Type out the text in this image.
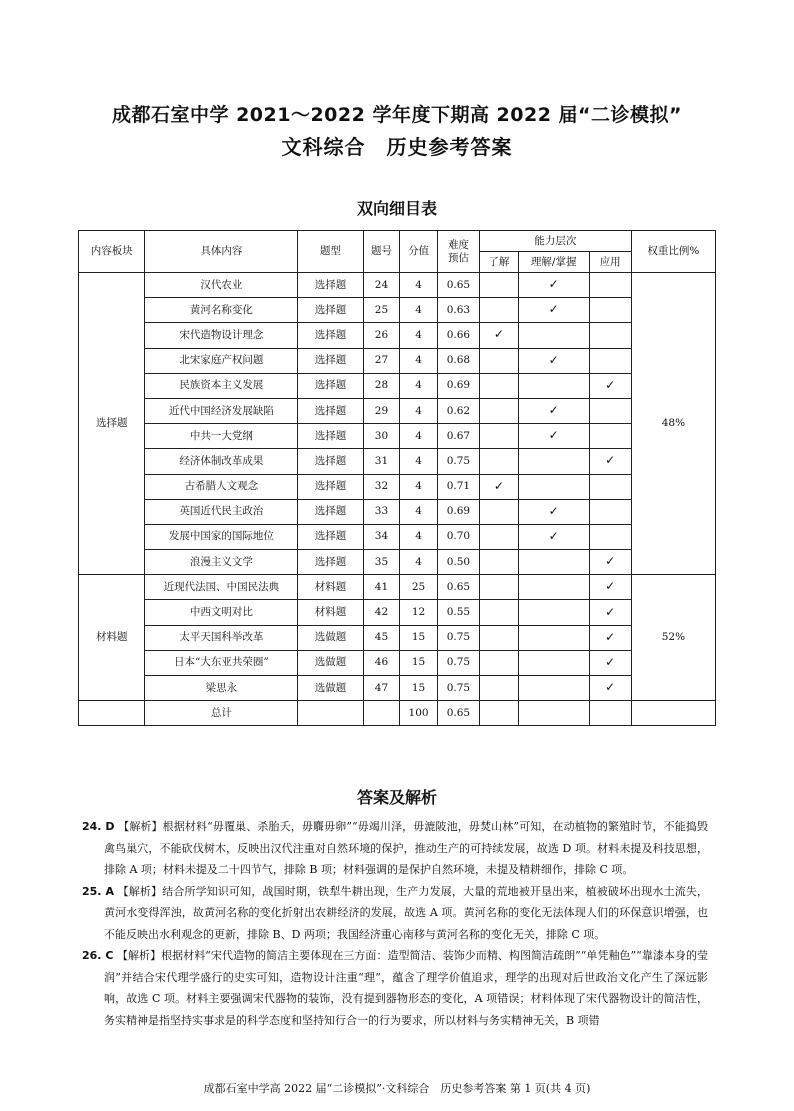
成都石室中学 2021～2022 学年度下期高 2022 届“二诊模拟”
文科综合　历史参考答案
双向细目表
内容板块	具体内容	题型	题号	分值	难度
预估	能力层次			权重比例%
						了解	理解/掌握	应用	
选择题	汉代农业	选择题	24	4	0.65		✓		48%
	黄河名称变化	选择题	25	4	0.63		✓		
	宋代造物设计理念	选择题	26	4	0.66	✓			
	北宋家庭产权问题	选择题	27	4	0.68		✓		
	民族资本主义发展	选择题	28	4	0.69			✓	
	近代中国经济发展缺陷	选择题	29	4	0.62		✓		
	中共一大党纲	选择题	30	4	0.67		✓		
	经济体制改革成果	选择题	31	4	0.75			✓	
	古希腊人文观念	选择题	32	4	0.71	✓			
	英国近代民主政治	选择题	33	4	0.69		✓		
	发展中国家的国际地位	选择题	34	4	0.70		✓		
	浪漫主义文学	选择题	35	4	0.50			✓	
材料题	近现代法国、中国民法典	材料题	41	25	0.65			✓	52%
	中西文明对比	材料题	42	12	0.55			✓	
	太平天国科举改革	选做题	45	15	0.75			✓	
	日本“大东亚共荣圈”	选做题	46	15	0.75			✓	
	梁思永	选做题	47	15	0.75			✓	
	总计			100	0.65				
答案及解析

24. D 【解析】根据材料“毋覆巢、杀胎夭，毋麛毋卵”“毋竭川泽，毋漉陂池，毋焚山林”可知，在动植物的繁殖时节，不能捣毁禽鸟巢穴，不能砍伐树木，反映出汉代注重对自然环境的保护，推动生产的可持续发展，故选 D 项。材料未提及科技思想，排除 A 项；材料未提及二十四节气，排除 B 项；材料强调的是保护自然环境，未提及精耕细作，排除 C 项。

25. A 【解析】结合所学知识可知，战国时期，铁犁牛耕出现，生产力发展，大量的荒地被开垦出来，植被破坏出现水土流失，黄河水变得浑浊，故黄河名称的变化折射出农耕经济的发展，故选 A 项。黄河名称的变化无法体现人们的环保意识增强，也不能反映出水利观念的更新，排除 B、D 两项；我国经济重心南移与黄河名称的变化无关，排除 C 项。

26. C 【解析】根据材料“宋代造物的简洁主要体现在三方面：造型简洁、装饰少而精、构图简洁疏朗”“单凭釉色”“靠漆本身的莹润”并结合宋代理学盛行的史实可知，造物设计注重“理”，蕴含了理学价值追求，理学的出现对后世政治文化产生了深远影响，故选 C 项。材料主要强调宋代器物的装饰，没有提到器物形态的变化，A 项错误；材料体现了宋代器物设计的简洁性，务实精神是指坚持实事求是的科学态度和坚持知行合一的行为要求，所以材料与务实精神无关，B 项错

成都石室中学高 2022 届“二诊模拟”·文科综合　历史参考答案 第 1 页(共 4 页)
